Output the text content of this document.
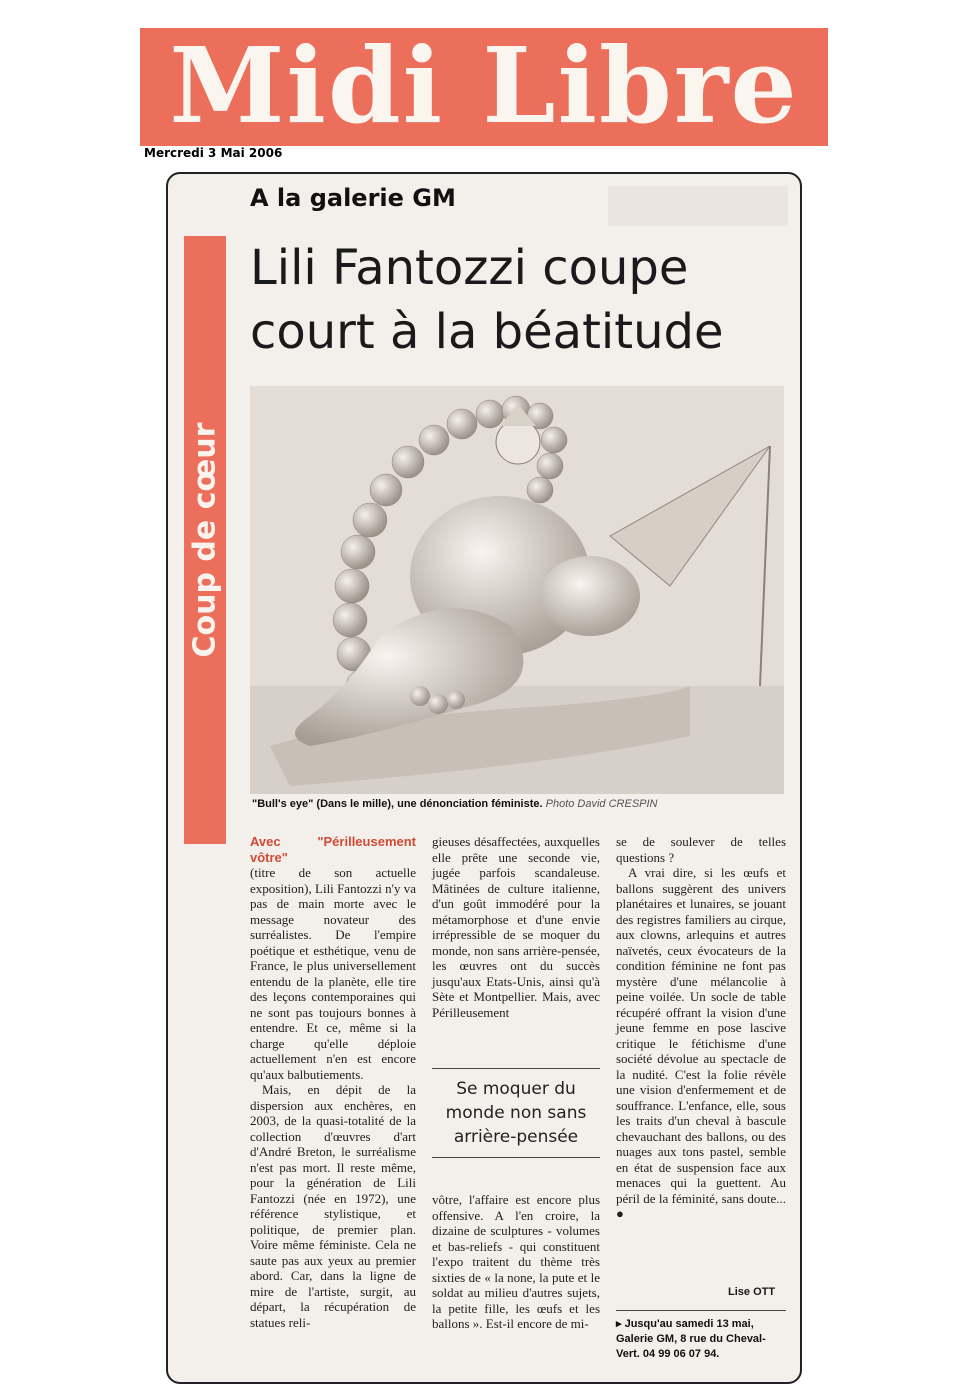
Midi Libre
Mercredi 3 Mai 2006
Coup de cœur
A la galerie GM
Lili Fantozzi coupe court à la béatitude
"Bull's eye" (Dans le mille), une dénonciation féministe. Photo David CRESPIN
Avec "Périlleusement vôtre"

(titre de son actuelle exposition), Lili Fantozzi n'y va pas de main morte avec le message novateur des surréalistes. De l'empire poétique et esthétique, venu de France, le plus universellement entendu de la planète, elle tire des leçons contemporaines qui ne sont pas toujours bonnes à entendre. Et ce, même si la charge qu'elle déploie actuellement n'en est encore qu'aux balbutiements.

Mais, en dépit de la dispersion aux enchères, en 2003, de la quasi-totalité de la collection d'œuvres d'art d'André Breton, le surréalisme n'est pas mort. Il reste même, pour la génération de Lili Fantozzi (née en 1972), une référence stylistique, et politique, de premier plan. Voire même féministe. Cela ne saute pas aux yeux au premier abord. Car, dans la ligne de mire de l'artiste, surgit, au départ, la récupération de statues reli-

gieuses désaffectées, auxquelles elle prête une seconde vie, jugée parfois scandaleuse. Mâtinées de culture italienne, d'un goût immodéré pour la métamorphose et d'une envie irrépressible de se moquer du monde, non sans arrière-pensée, les œuvres ont du succès jusqu'aux Etats-Unis, ainsi qu'à Sète et Montpellier. Mais, avec Périlleusement

Se moquer du monde non sans arrière-pensée

vôtre, l'affaire est encore plus offensive. A l'en croire, la dizaine de sculptures - volumes et bas-reliefs - qui constituent l'expo traitent du thème très sixties de « la none, la pute et le soldat au milieu d'autres sujets, la petite fille, les œufs et les ballons ». Est-il encore de mi-

se de soulever de telles questions ?

A vrai dire, si les œufs et ballons suggèrent des univers planétaires et lunaires, se jouant des registres familiers au cirque, aux clowns, arlequins et autres naïvetés, ceux évocateurs de la condition féminine ne font pas mystère d'une mélancolie à peine voilée. Un socle de table récupéré offrant la vision d'une jeune femme en pose lascive critique le fétichisme d'une société dévolue au spectacle de la nudité. C'est la folie révèle une vision d'enfermement et de souffrance. L'enfance, elle, sous les traits d'un cheval à bascule chevauchant des ballons, ou des nuages aux tons pastel, semble en état de suspension face aux menaces qui la guettent. Au péril de la féminité, sans doute... ●

Lise OTT
▸ Jusqu'au samedi 13 mai, Galerie GM, 8 rue du Cheval-Vert. 04 99 06 07 94.
